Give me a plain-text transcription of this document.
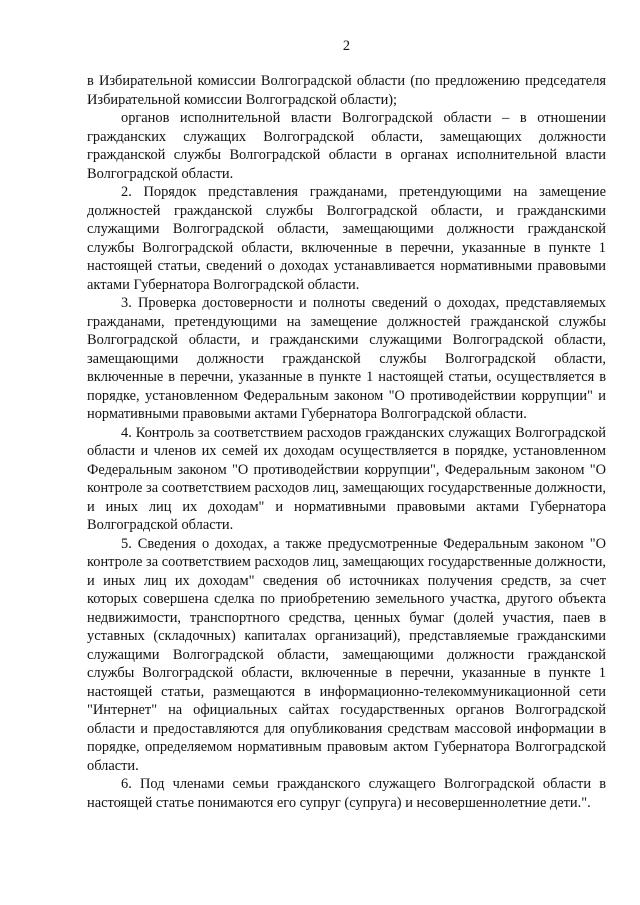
2

в Избирательной комиссии Волгоградской области (по предложению председателя Избирательной комиссии Волгоградской области);

органов исполнительной власти Волгоградской области – в отношении гражданских служащих Волгоградской области, замещающих должности гражданской службы Волгоградской области в органах исполнительной власти Волгоградской области.

2. Порядок представления гражданами, претендующими на замещение должностей гражданской службы Волгоградской области, и гражданскими служащими Волгоградской области, замещающими должности гражданской службы Волгоградской области, включенные в перечни, указанные в пункте 1 настоящей статьи, сведений о доходах устанавливается нормативными правовыми актами Губернатора Волгоградской области.

3. Проверка достоверности и полноты сведений о доходах, представляемых гражданами, претендующими на замещение должностей гражданской службы Волгоградской области, и гражданскими служащими Волгоградской области, замещающими должности гражданской службы Волгоградской области, включенные в перечни, указанные в пункте 1 настоящей статьи, осуществляется в порядке, установленном Федеральным законом "О противодействии коррупции" и нормативными правовыми актами Губернатора Волгоградской области.

4. Контроль за соответствием расходов гражданских служащих Волгоградской области и членов их семей их доходам осуществляется в порядке, установленном Федеральным законом "О противодействии коррупции", Федеральным законом "О контроле за соответствием расходов лиц, замещающих государственные должности, и иных лиц их доходам" и нормативными правовыми актами Губернатора Волгоградской области.

5. Сведения о доходах, а также предусмотренные Федеральным законом "О контроле за соответствием расходов лиц, замещающих государственные должности, и иных лиц их доходам" сведения об источниках получения средств, за счет которых совершена сделка по приобретению земельного участка, другого объекта недвижимости, транспортного средства, ценных бумаг (долей участия, паев в уставных (складочных) капиталах организаций), представляемые гражданскими служащими Волгоградской области, замещающими должности гражданской службы Волгоградской области, включенные в перечни, указанные в пункте 1 настоящей статьи, размещаются в информационно-телекоммуникационной сети "Интернет" на официальных сайтах государственных органов Волгоградской области и предоставляются для опубликования средствам массовой информации в порядке, определяемом нормативным правовым актом Губернатора Волгоградской области.

6. Под членами семьи гражданского служащего Волгоградской области в настоящей статье понимаются его супруг (супруга) и несовершеннолетние дети.".
